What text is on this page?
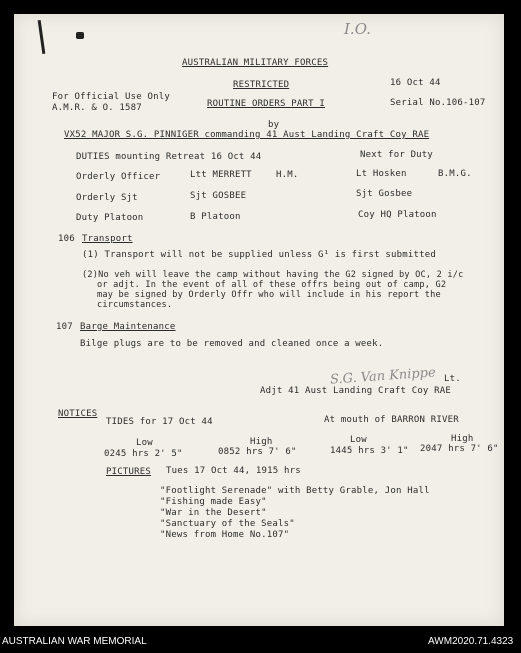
I.O.
AUSTRALIAN MILITARY FORCES
RESTRICTED	16 Oct 44
For Official Use Only
A.M.R. & O. 1587	ROUTINE ORDERS PART I	Serial No.106-107
by
VX52 MAJOR S.G. PINNIGER commanding 41 Aust Landing Craft Coy RAE
DUTIES mounting Retreat 16 Oct 44	Next for Duty
Orderly Officer	Ltt MERRETT	H.M.	Lt Hosken	B.M.G.
Orderly Sjt	Sjt GOSBEE	Sjt Gosbee
Duty Platoon	B Platoon	Coy HQ Platoon
106 Transport
(1) Transport will not be supplied unless G¹ is first submitted
(2)No veh will leave the camp without having the G2 signed by OC, 2 i/c
or adjt. In the event of all of these offrs being out of camp, G2
may be signed by Orderly Offr who will include in his report the
circumstances.
107 Barge Maintenance
Bilge plugs are to be removed and cleaned once a week.
S.G. Van Knippe Lt.
Adjt 41 Aust Landing Craft Coy RAE
NOTICES
TIDES for 17 Oct 44	At mouth of BARRON RIVER
Low
0245 hrs 2' 5"
High
0852 hrs 7' 6"
Low
1445 hrs 3' 1"
High
2047 hrs 7' 6"
PICTURES Tues 17 Oct 44, 1915 hrs
"Footlight Serenade" with Betty Grable, Jon Hall
"Fishing made Easy"
"War in the Desert"
"Sanctuary of the Seals"
"News from Home No.107"
AUSTRALIAN WAR MEMORIAL	AWM2020.71.4323
